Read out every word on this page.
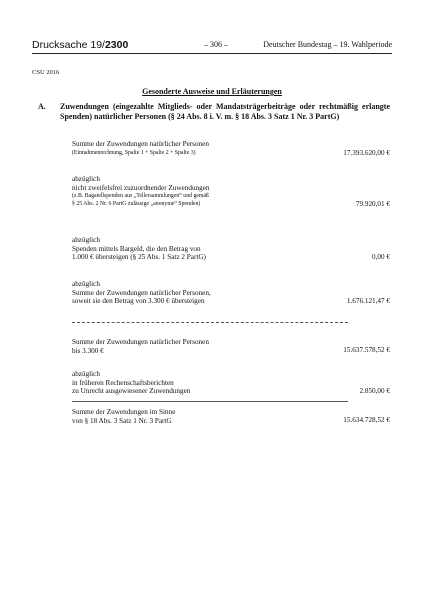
Drucksache 19/2300	– 306 –	Deutscher Bundestag – 19. Wahlperiode
CSU 2016
Gesonderte Ausweise und Erläuterungen
A. Zuwendungen (eingezahlte Mitglieds- oder Mandatsträgerbeiträge oder rechtmäßig erlangte Spenden) natürlicher Personen (§ 24 Abs. 8 i. V. m. § 18 Abs. 3 Satz 1 Nr. 3 PartG)
Summe der Zuwendungen natürlicher Personen
(Einnahmenrechnung, Spalte 1 + Spalte 2 + Spalte 3)	17.393.620,00 €
abzüglich
nicht zweifelsfrei zuzuordnender Zuwendungen
(z.B. Bagatellspenden aus „Tellersammlungen“ und gemäß
§ 25 Abs. 2 Nr. 6 PartG zulässige „anonyme“ Spenden)	79.920,01 €
abzüglich
Spenden mittels Bargeld, die den Betrag von
1.000 € übersteigen (§ 25 Abs. 1 Satz 2 PartG)	0,00 €
abzüglich
Summe der Zuwendungen natürlicher Personen,
soweit sie den Betrag von 3.300 € übersteigen	1.676.121,47 €
Summe der Zuwendungen natürlicher Personen
bis 3.300 €	15.637.578,52 €
abzüglich
in früheren Rechenschaftsberichten
zu Unrecht ausgewiesener Zuwendungen	2.850,00 €
Summe der Zuwendungen im Sinne
von § 18 Abs. 3 Satz 1 Nr. 3 PartG	15.634.728,52 €
